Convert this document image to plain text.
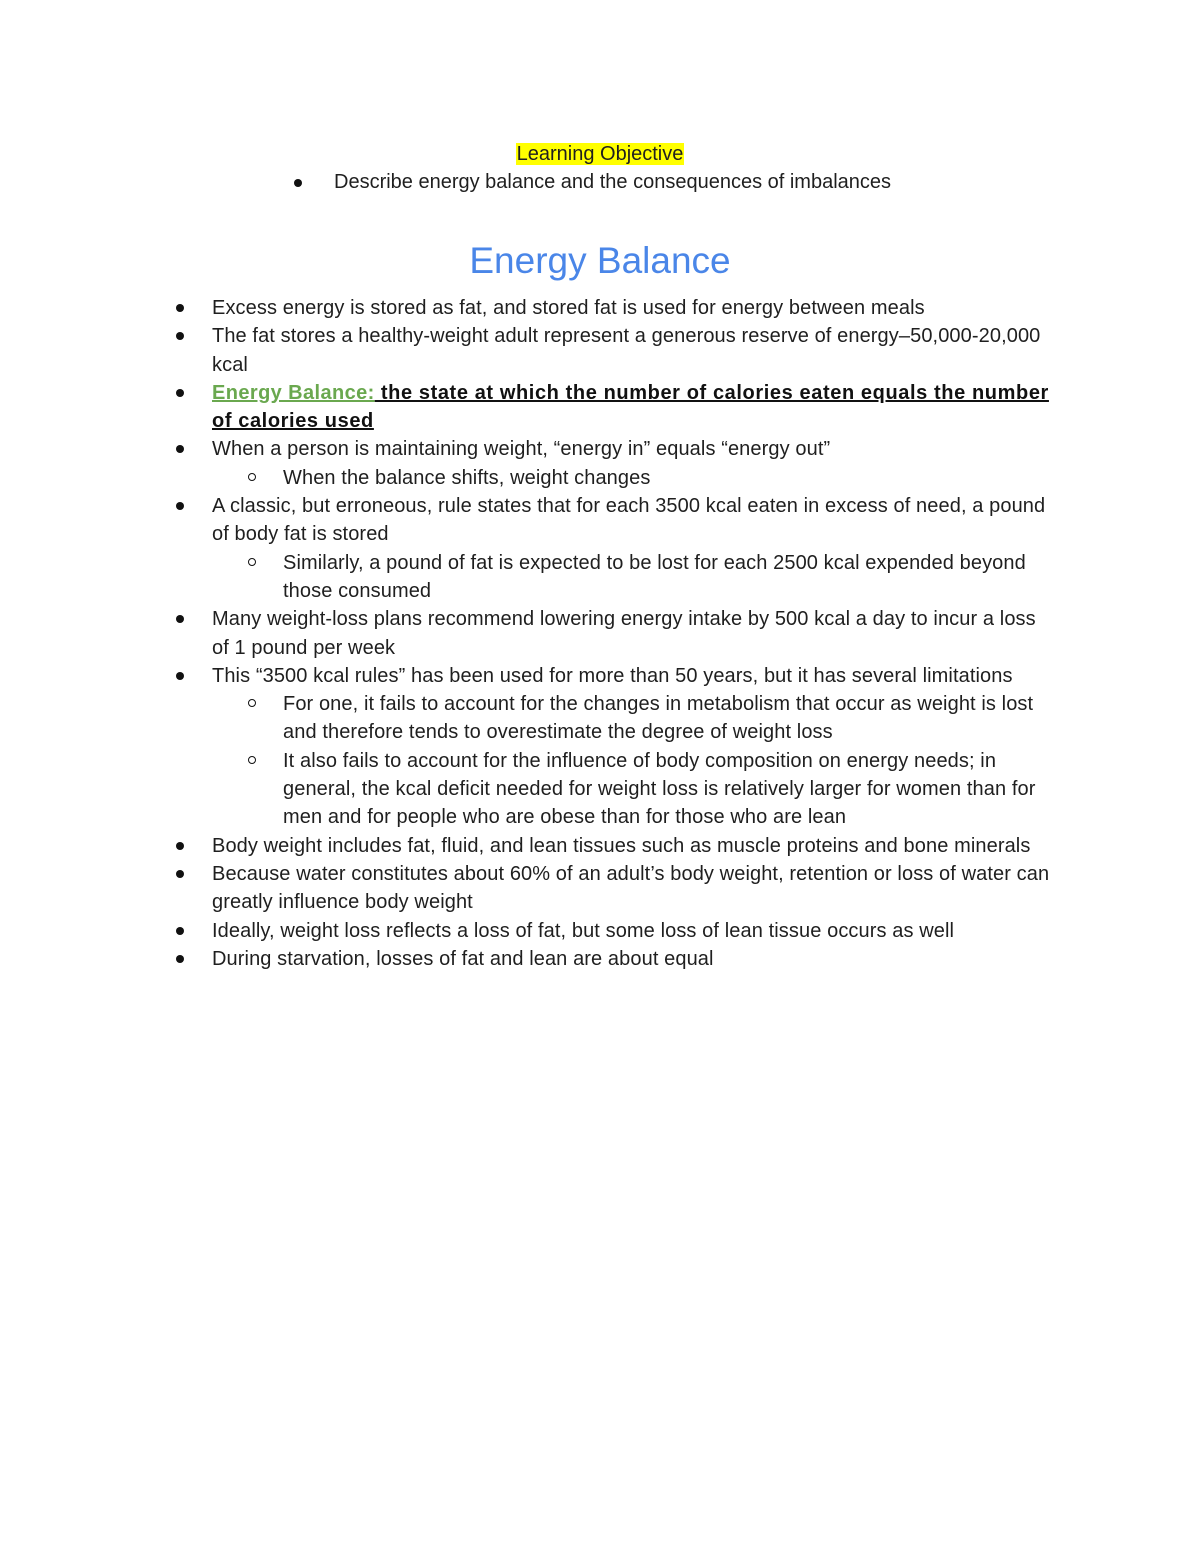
Learning Objective
Describe energy balance and the consequences of imbalances
Energy Balance
Excess energy is stored as fat, and stored fat is used for energy between meals
The fat stores a healthy-weight adult represent a generous reserve of energy–50,000-20,000 kcal
Energy Balance: the state at which the number of calories eaten equals the number of calories used
When a person is maintaining weight, “energy in” equals “energy out”
When the balance shifts, weight changes
A classic, but erroneous, rule states that for each 3500 kcal eaten in excess of need, a pound of body fat is stored
Similarly, a pound of fat is expected to be lost for each 2500 kcal expended beyond those consumed
Many weight-loss plans recommend lowering energy intake by 500 kcal a day to incur a loss of 1 pound per week
This “3500 kcal rules” has been used for more than 50 years, but it has several limitations
For one, it fails to account for the changes in metabolism that occur as weight is lost and therefore tends to overestimate the degree of weight loss
It also fails to account for the influence of body composition on energy needs; in general, the kcal deficit needed for weight loss is relatively larger for women than for men and for people who are obese than for those who are lean
Body weight includes fat, fluid, and lean tissues such as muscle proteins and bone minerals
Because water constitutes about 60% of an adult’s body weight, retention or loss of water can greatly influence body weight
Ideally, weight loss reflects a loss of fat, but some loss of lean tissue occurs as well
During starvation, losses of fat and lean are about equal
